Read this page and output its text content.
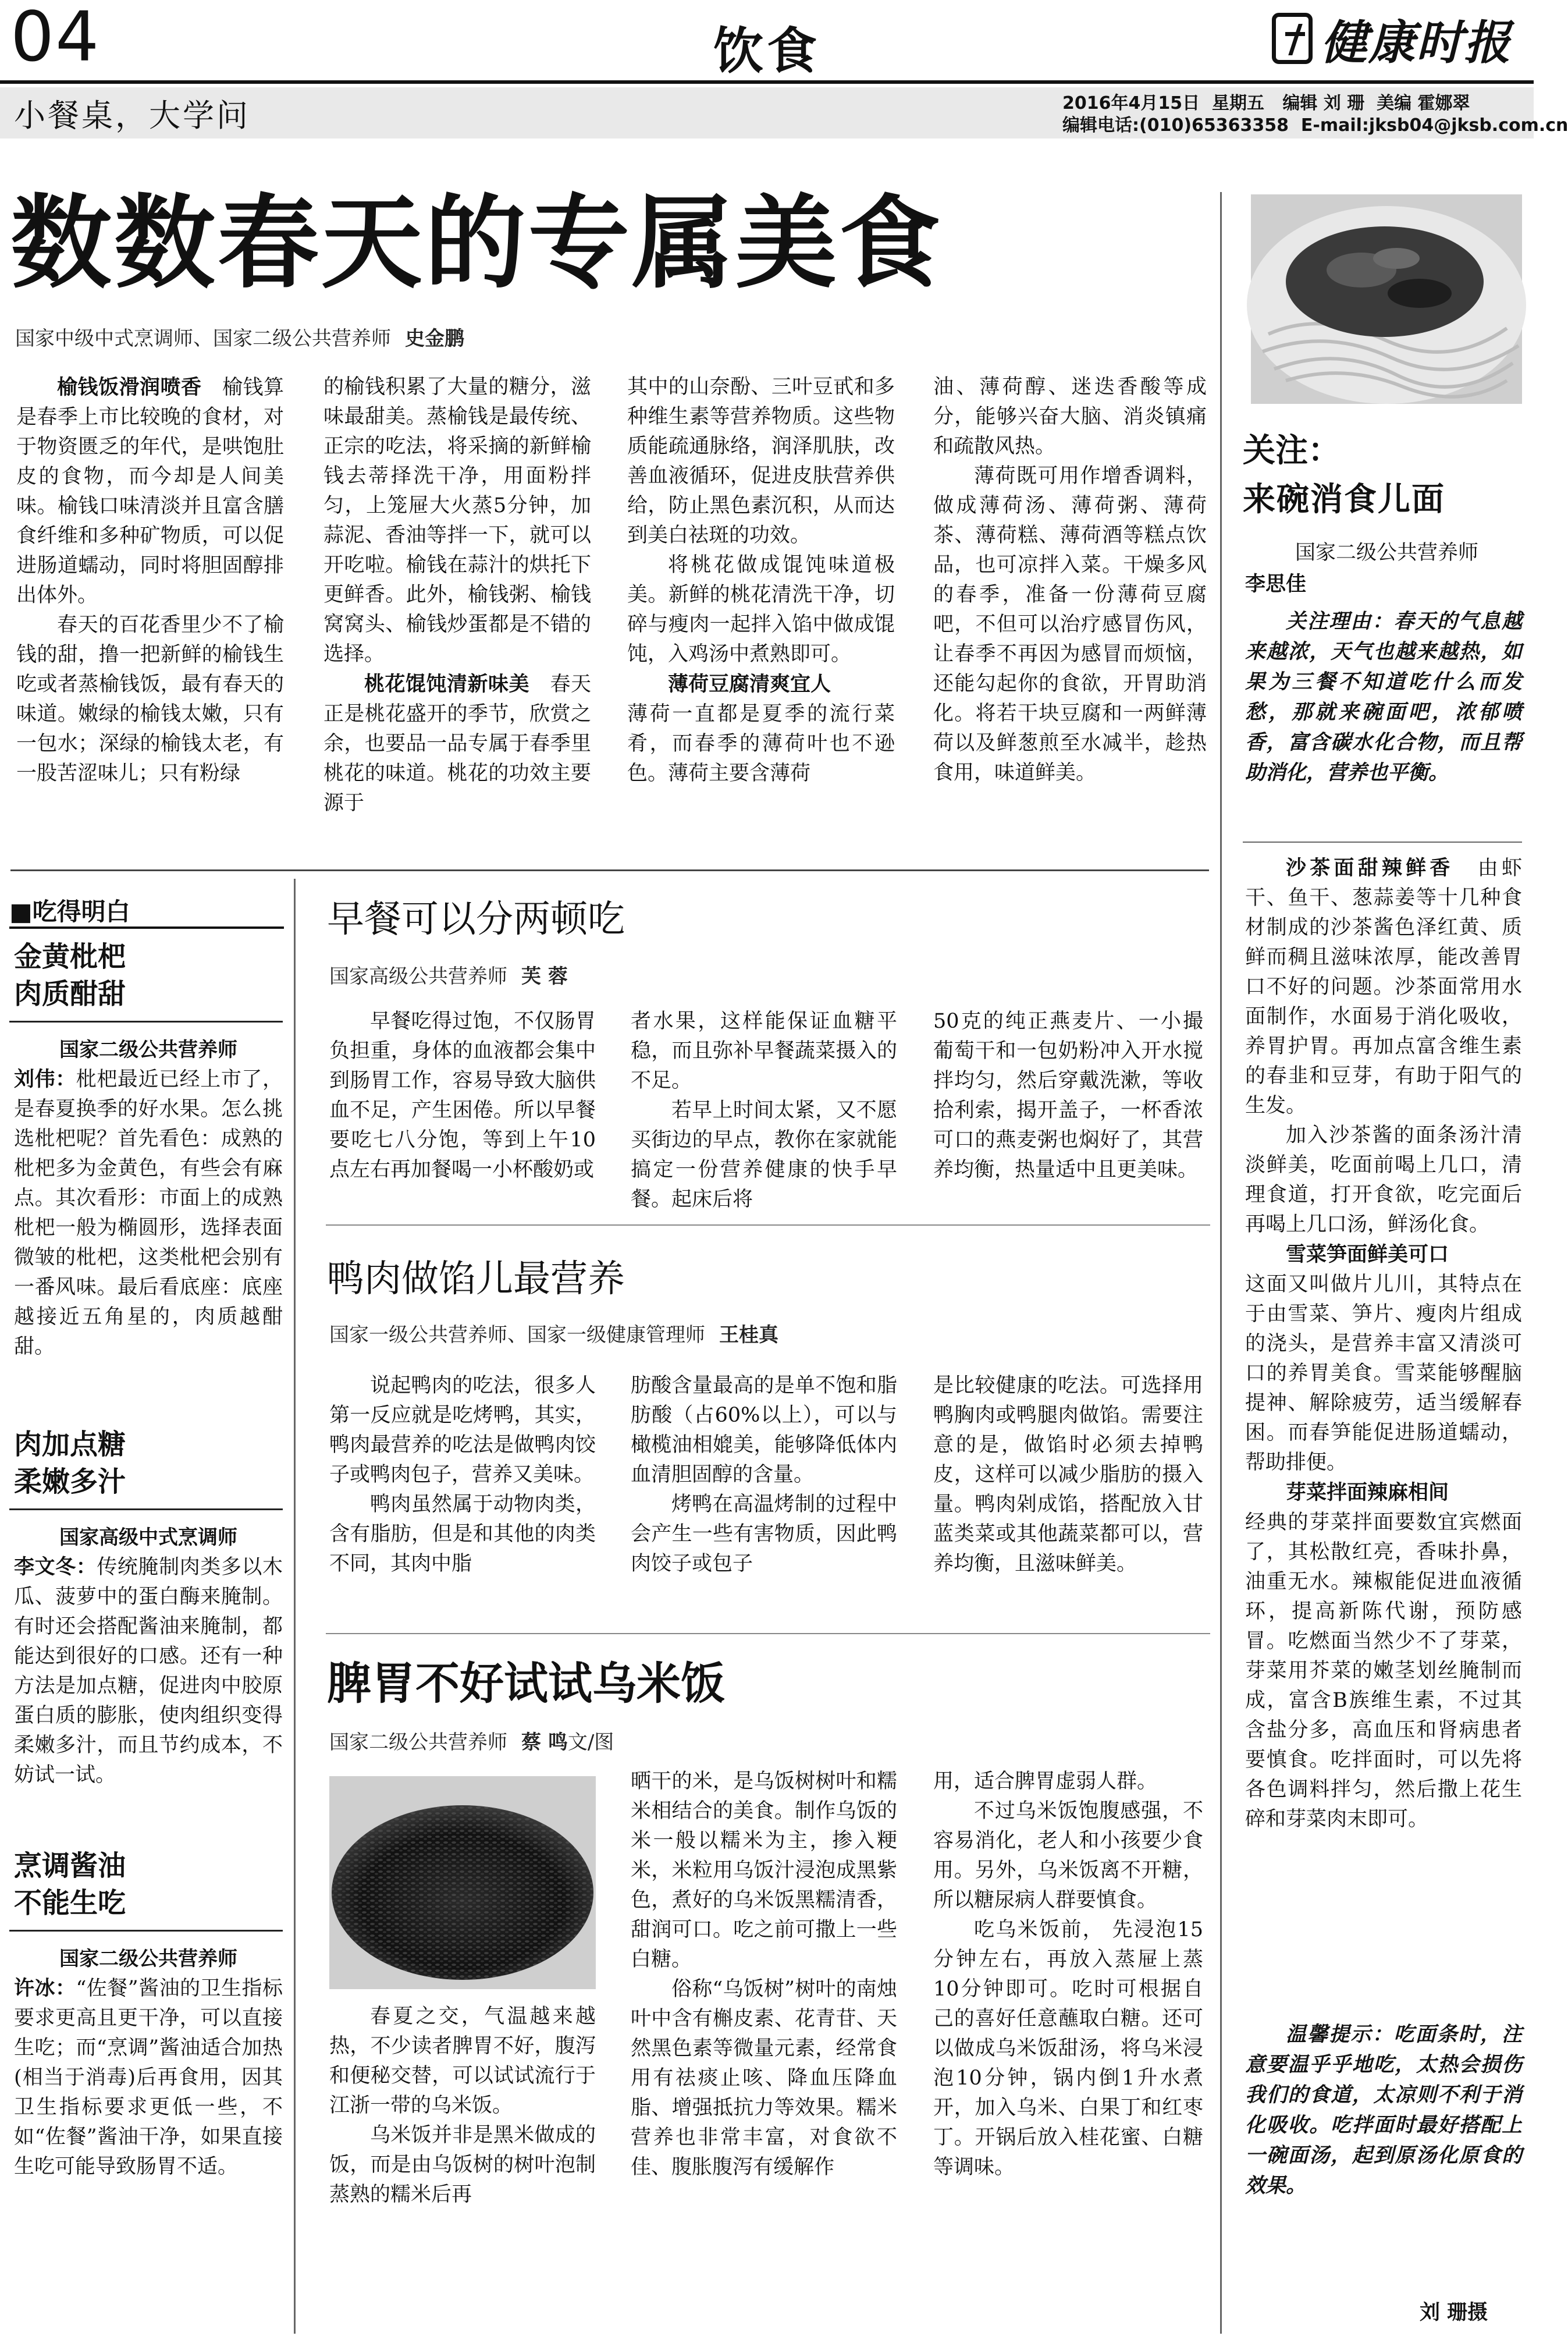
04	饮食	健康时报
小餐桌，大学问	2016年4月15日  星期五   编辑 刘 珊  美编 霍娜翠
编辑电话:(010)65363358  E-mail:jksb04@jksb.com.cn
数数春天的专属美食
国家中级中式烹调师、国家二级公共营养师 史金鹏

榆钱饭滑润喷香　 榆钱算是春季上市比较晚的食材，对于物资匮乏的年代，是哄饱肚皮的食物，而今却是人间美味。榆钱口味清淡并且富含膳食纤维和多种矿物质，可以促进肠道蠕动，同时将胆固醇排出体外。

春天的百花香里少不了榆钱的甜，撸一把新鲜的榆钱生吃或者蒸榆钱饭，最有春天的味道。嫩绿的榆钱太嫩，只有一包水；深绿的榆钱太老，有一股苦涩味儿；只有粉绿

的榆钱积累了大量的糖分，滋味最甜美。蒸榆钱是最传统、正宗的吃法，将采摘的新鲜榆钱去蒂择洗干净，用面粉拌匀，上笼屉大火蒸5分钟，加蒜泥、香油等拌一下，就可以开吃啦。榆钱在蒜汁的烘托下更鲜香。此外，榆钱粥、榆钱窝窝头、榆钱炒蛋都是不错的选择。

桃花馄饨清新味美　 春天正是桃花盛开的季节，欣赏之余，也要品一品专属于春季里桃花的味道。桃花的功效主要源于

其中的山奈酚、三叶豆甙和多种维生素等营养物质。这些物质能疏通脉络，润泽肌肤，改善血液循环，促进皮肤营养供给，防止黑色素沉积，从而达到美白祛斑的功效。

将桃花做成馄饨味道极美。新鲜的桃花清洗干净，切碎与瘦肉一起拌入馅中做成馄饨，入鸡汤中煮熟即可。

薄荷豆腐清爽宜人

薄荷一直都是夏季的流行菜肴，而春季的薄荷叶也不逊色。薄荷主要含薄荷

油、薄荷醇、迷迭香酸等成分，能够兴奋大脑、消炎镇痛和疏散风热。

薄荷既可用作增香调料，做成薄荷汤、薄荷粥、薄荷茶、薄荷糕、薄荷酒等糕点饮品，也可凉拌入菜。干燥多风的春季，准备一份薄荷豆腐吧，不但可以治疗感冒伤风，让春季不再因为感冒而烦恼，还能勾起你的食欲，开胃助消化。将若干块豆腐和一两鲜薄荷以及鲜葱煎至水减半，趁热食用，味道鲜美。

■吃得明白
金黄枇杷
肉质酣甜
国家二级公共营养师
刘伟：枇杷最近已经上市了，是春夏换季的好水果。怎么挑选枇杷呢？首先看色：成熟的枇杷多为金黄色，有些会有麻点。其次看形：市面上的成熟枇杷一般为椭圆形，选择表面微皱的枇杷，这类枇杷会别有一番风味。最后看底座：底座越接近五角星的，肉质越酣甜。
肉加点糖
柔嫩多汁
国家高级中式烹调师
李文冬：传统腌制肉类多以木瓜、菠萝中的蛋白酶来腌制。有时还会搭配酱油来腌制，都能达到很好的口感。还有一种方法是加点糖，促进肉中胶原蛋白质的膨胀，使肉组织变得柔嫩多汁，而且节约成本，不妨试一试。
烹调酱油
不能生吃
国家二级公共营养师
许冰：“佐餐”酱油的卫生指标要求更高且更干净，可以直接生吃；而“烹调”酱油适合加热(相当于消毒)后再食用，因其卫生指标要求更低一些，不如“佐餐”酱油干净，如果直接生吃可能导致肠胃不适。
早餐可以分两顿吃
国家高级公共营养师 芙 蓉

早餐吃得过饱，不仅肠胃负担重，身体的血液都会集中到肠胃工作，容易导致大脑供血不足，产生困倦。所以早餐要吃七八分饱，等到上午10点左右再加餐喝一小杯酸奶或

者水果，这样能保证血糖平稳，而且弥补早餐蔬菜摄入的不足。

若早上时间太紧，又不愿买街边的早点，教你在家就能搞定一份营养健康的快手早餐。起床后将

50克的纯正燕麦片、一小撮葡萄干和一包奶粉冲入开水搅拌均匀，然后穿戴洗漱，等收拾利索，揭开盖子，一杯香浓可口的燕麦粥也焖好了，其营养均衡，热量适中且更美味。

鸭肉做馅儿最营养
国家一级公共营养师、国家一级健康管理师 王桂真

说起鸭肉的吃法，很多人第一反应就是吃烤鸭，其实，鸭肉最营养的吃法是做鸭肉饺子或鸭肉包子，营养又美味。

鸭肉虽然属于动物肉类，含有脂肪，但是和其他的肉类不同，其肉中脂

肪酸含量最高的是单不饱和脂肪酸（占60%以上），可以与橄榄油相媲美，能够降低体内血清胆固醇的含量。

烤鸭在高温烤制的过程中会产生一些有害物质，因此鸭肉饺子或包子

是比较健康的吃法。可选择用鸭胸肉或鸭腿肉做馅。需要注意的是，做馅时必须去掉鸭皮，这样可以减少脂肪的摄入量。鸭肉剁成馅，搭配放入甘蓝类菜或其他蔬菜都可以，营养均衡，且滋味鲜美。

脾胃不好试试乌米饭
国家二级公共营养师 蔡 鸣文/图

春夏之交，气温越来越热，不少读者脾胃不好，腹泻和便秘交替，可以试试流行于江浙一带的乌米饭。

乌米饭并非是黑米做成的饭，而是由乌饭树的树叶泡制蒸熟的糯米后再

晒干的米，是乌饭树树叶和糯米相结合的美食。制作乌饭的米一般以糯米为主，掺入粳米，米粒用乌饭汁浸泡成黑紫色，煮好的乌米饭黑糯清香，甜润可口。吃之前可撒上一些白糖。

俗称“乌饭树”树叶的南烛叶中含有槲皮素、花青苷、天然黑色素等微量元素，经常食用有祛痰止咳、降血压降血脂、增强抵抗力等效果。糯米营养也非常丰富，对食欲不佳、腹胀腹泻有缓解作

用，适合脾胃虚弱人群。

不过乌米饭饱腹感强，不容易消化，老人和小孩要少食用。另外，乌米饭离不开糖，所以糖尿病人群要慎食。

吃乌米饭前， 先浸泡15分钟左右，再放入蒸屉上蒸10分钟即可。吃时可根据自己的喜好任意蘸取白糖。还可以做成乌米饭甜汤，将乌米浸泡10分钟，锅内倒1升水煮开，加入乌米、白果丁和红枣丁。开锅后放入桂花蜜、白糖等调味。

关注：
来碗消食儿面
国家二级公共营养师
李思佳
关注理由：春天的气息越来越浓，天气也越来越热，如果为三餐不知道吃什么而发愁，那就来碗面吧，浓郁喷香，富含碳水化合物，而且帮助消化，营养也平衡。

沙茶面甜辣鲜香　 由虾干、鱼干、葱蒜姜等十几种食材制成的沙茶酱色泽红黄、质鲜而稠且滋味浓厚，能改善胃口不好的问题。沙茶面常用水面制作，水面易于消化吸收，养胃护胃。再加点富含维生素的春韭和豆芽，有助于阳气的生发。

加入沙茶酱的面条汤汁清淡鲜美，吃面前喝上几口，清理食道，打开食欲，吃完面后再喝上几口汤，鲜汤化食。

雪菜笋面鲜美可口

这面又叫做片儿川，其特点在于由雪菜、笋片、瘦肉片组成的浇头，是营养丰富又清淡可口的养胃美食。雪菜能够醒脑提神、解除疲劳，适当缓解春困。而春笋能促进肠道蠕动，帮助排便。

芽菜拌面辣麻相间

经典的芽菜拌面要数宜宾燃面了，其松散红亮，香味扑鼻，油重无水。辣椒能促进血液循环，提高新陈代谢，预防感冒。吃燃面当然少不了芽菜，芽菜用芥菜的嫩茎划丝腌制而成，富含B族维生素，不过其含盐分多，高血压和肾病患者要慎食。吃拌面时，可以先将各色调料拌匀，然后撒上花生碎和芽菜肉末即可。

温馨提示：吃面条时，注意要温乎乎地吃，太热会损伤我们的食道，太凉则不利于消化吸收。吃拌面时最好搭配上一碗面汤，起到原汤化原食的效果。
刘 珊摄
